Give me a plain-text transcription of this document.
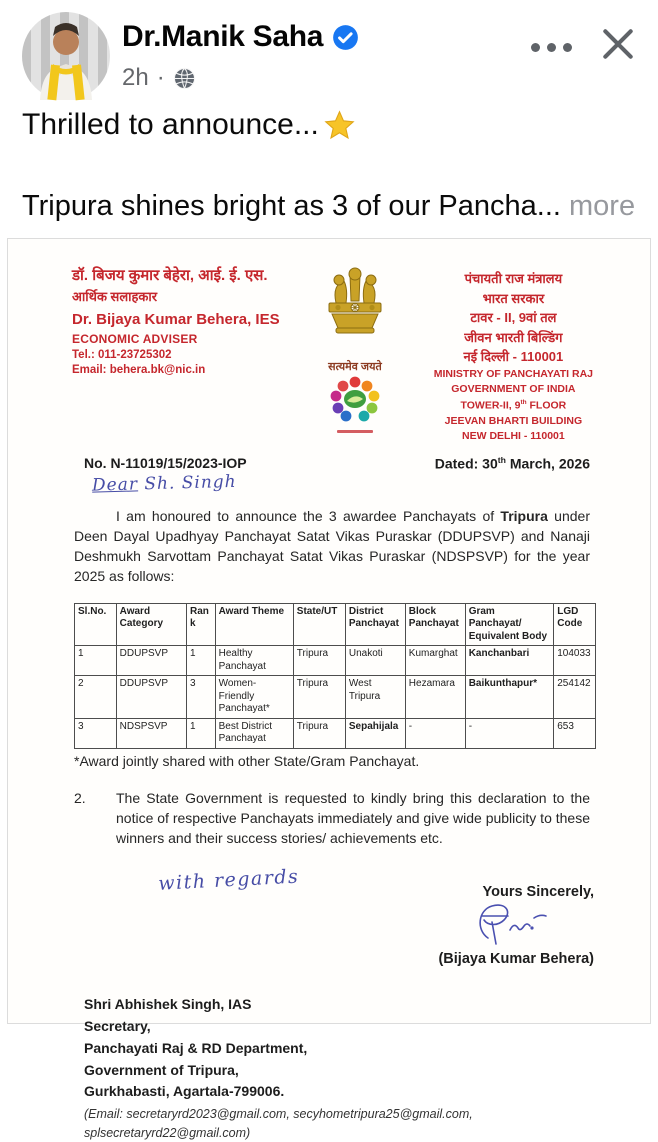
Dr.Manik Saha
2h ·
Thrilled to announce...
Tripura shines bright as 3 of our Pancha... more
डॉ. बिजय कुमार बेहेरा, आई. ई. एस.
आर्थिक सलाहकार
Dr. Bijaya Kumar Behera, IES
ECONOMIC ADVISER
Tel.: 011-23725302
Email: behera.bk@nic.in	सत्यमेव जयते
पंचायती राज मंत्रालय
भारत सरकार
टावर - II, 9वां तल
जीवन भारती बिल्डिंग
नई दिल्ली - 110001
MINISTRY OF PANCHAYATI RAJ
GOVERNMENT OF INDIA
TOWER-II, 9th FLOOR
JEEVAN BHARTI BUILDING
NEW DELHI - 110001
No. N-11019/15/2023-IOP	Dated: 30th March, 2026
Dear Sh. Singh

I am honoured to announce the 3 awardee Panchayats of Tripura under Deen Dayal Upadhyay Panchayat Satat Vikas Puraskar (DDUPSVP) and Nanaji Deshmukh Sarvottam Panchayat Satat Vikas Puraskar (NDSPSVP) for the year 2025 as follows:

Sl.No.	Award Category	Rank	Award Theme	State/UT	District Panchayat	Block Panchayat	Gram Panchayat/ Equivalent Body	LGD Code
1	DDUPSVP	1	Healthy Panchayat	Tripura	Unakoti	Kumarghat	Kanchanbari	104033
2	DDUPSVP	3	Women-Friendly Panchayat*	Tripura	West Tripura	Hezamara	Baikunthapur*	254142
3	NDSPSVP	1	Best District Panchayat	Tripura	Sepahijala	-	-	653
*Award jointly shared with other State/Gram Panchayat.

2.	The State Government is requested to kindly bring this declaration to the notice of respective Panchayats immediately and give wide publicity to these winners and their success stories/ achievements etc.

with regards	Yours Sincerely,
(Bijaya Kumar Behera)
Shri Abhishek Singh, IAS
Secretary,
Panchayati Raj & RD Department,
Government of Tripura,
Gurkhabasti, Agartala-799006.
(Email: secretaryrd2023@gmail.com, secyhometripura25@gmail.com, splsecretaryrd22@gmail.com)
